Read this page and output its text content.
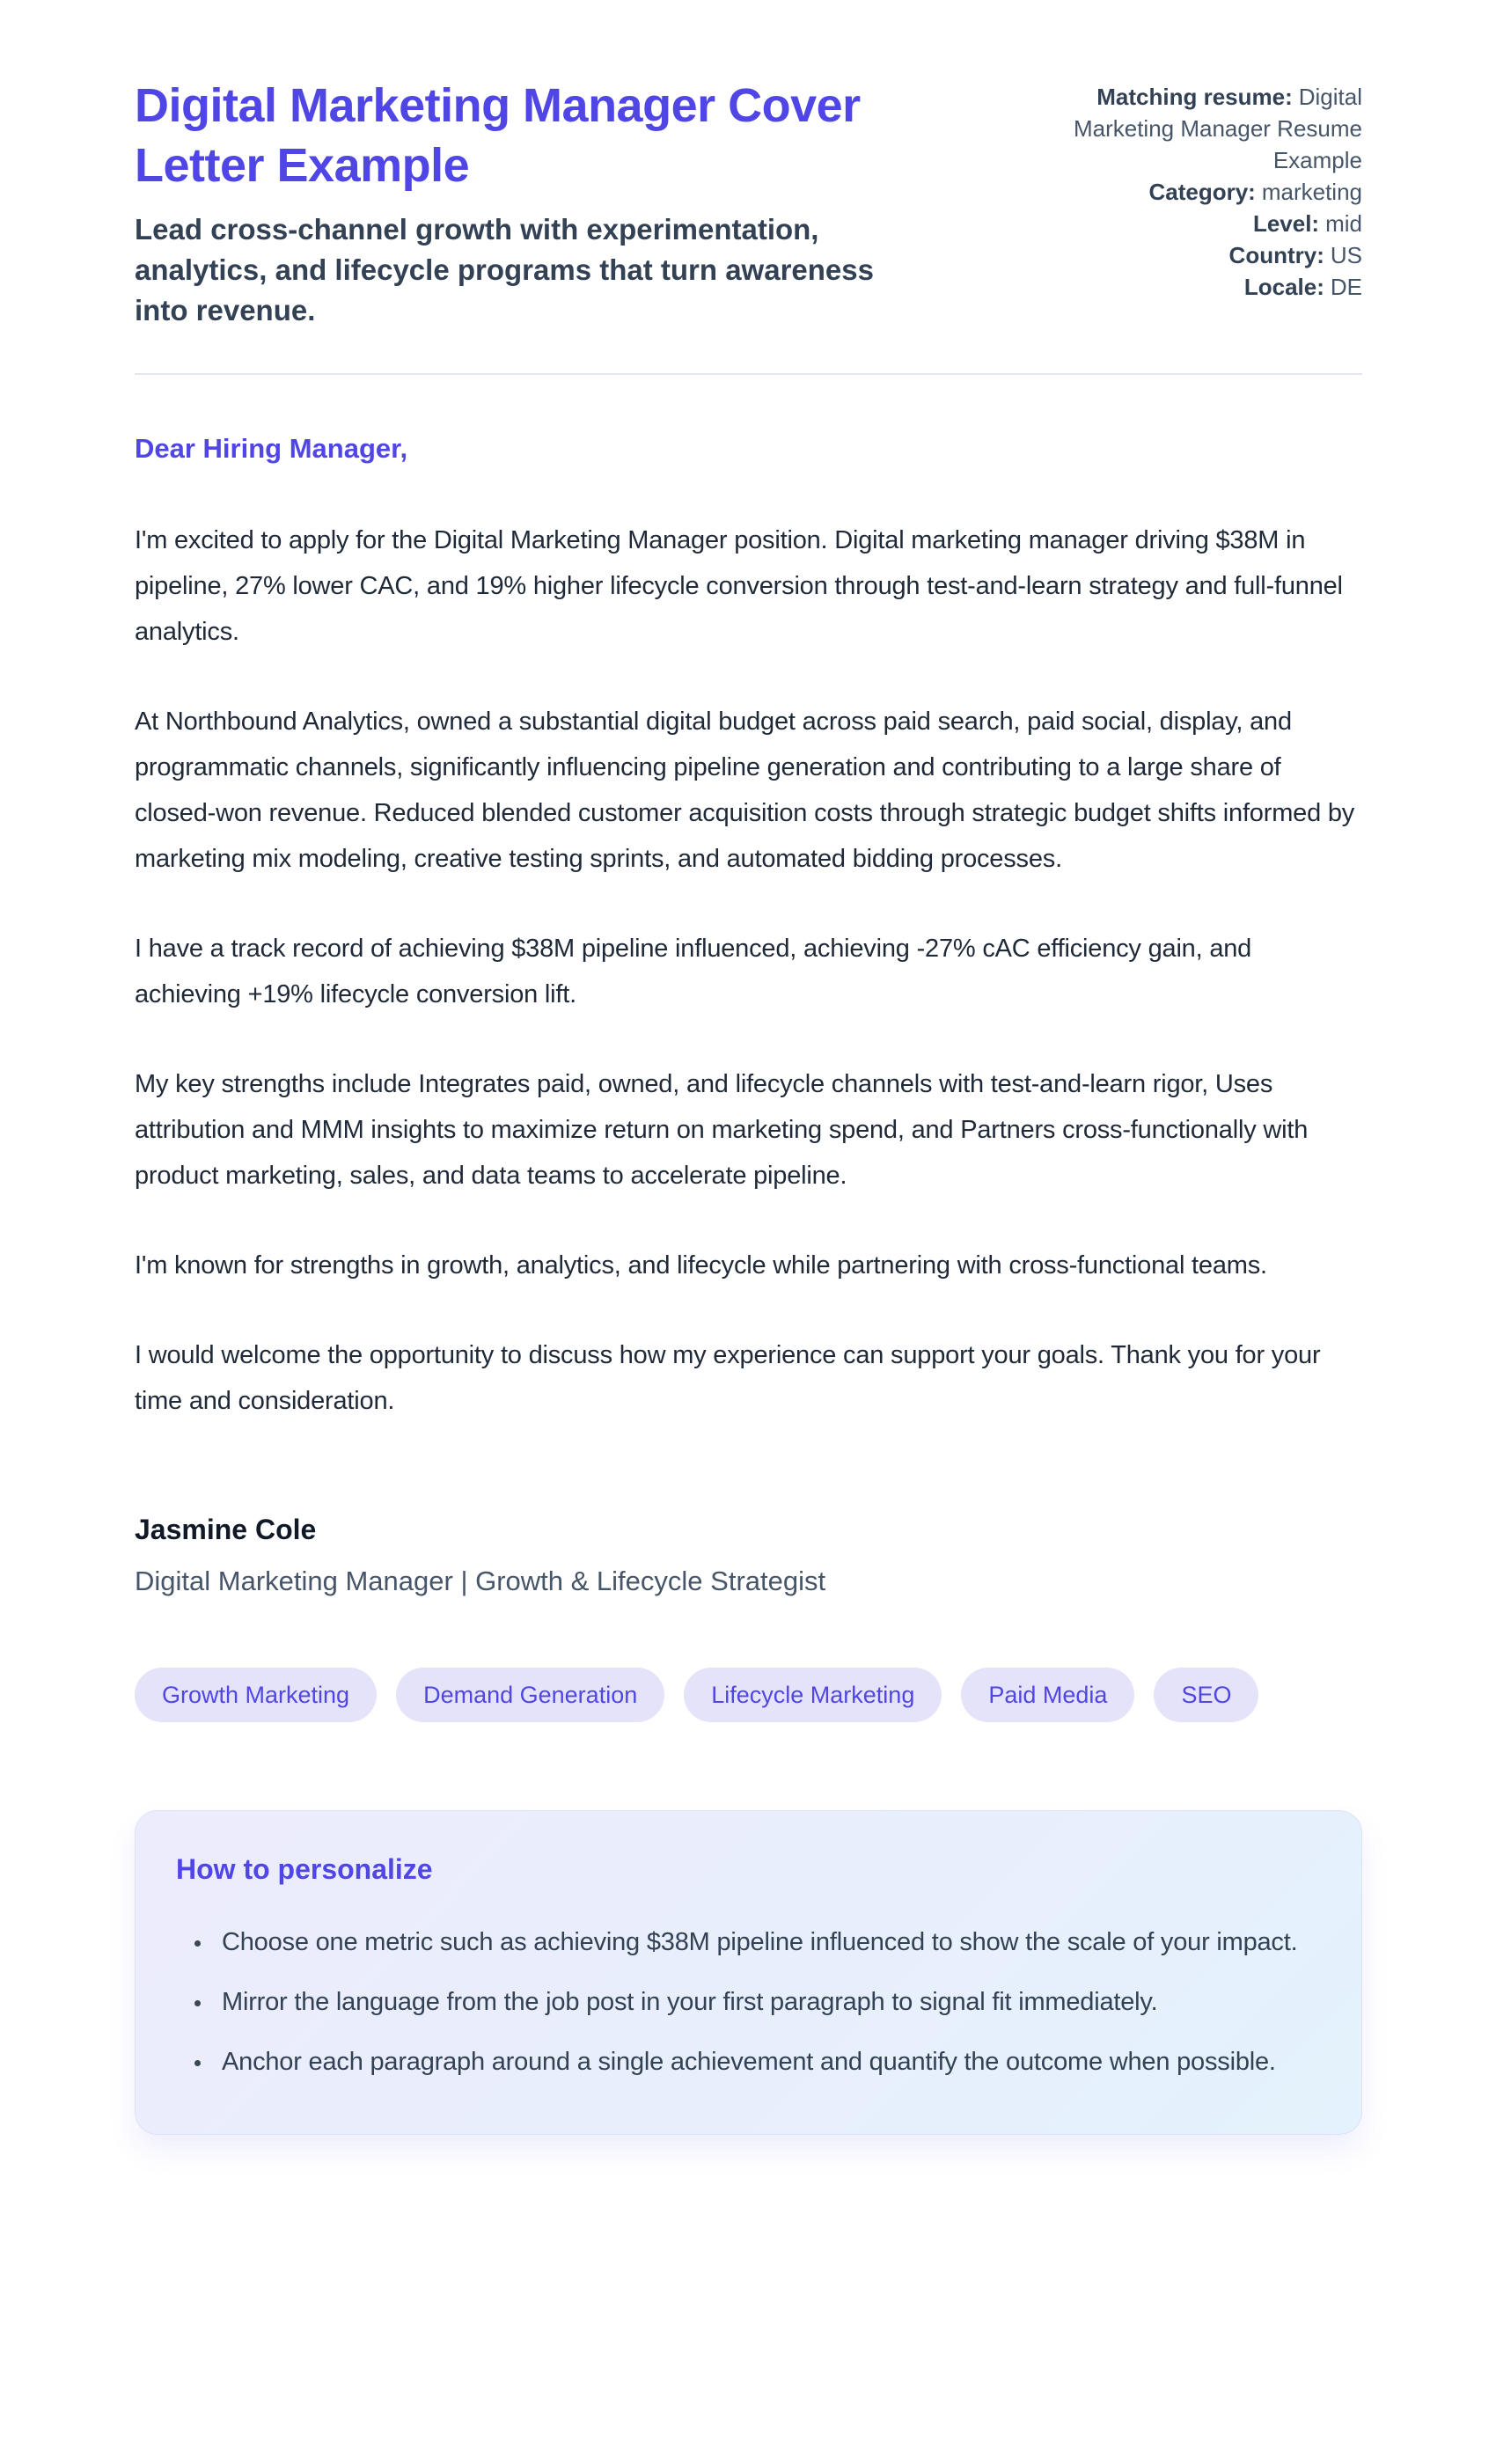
Digital Marketing Manager Cover Letter Example
Lead cross-channel growth with experimentation, analytics, and lifecycle programs that turn awareness into revenue.
Matching resume: Digital Marketing Manager Resume Example
Category: marketing
Level: mid
Country: US
Locale: DE
Dear Hiring Manager,

I'm excited to apply for the Digital Marketing Manager position. Digital marketing manager driving $38M in pipeline, 27% lower CAC, and 19% higher lifecycle conversion through test-and-learn strategy and full-funnel analytics.

At Northbound Analytics, owned a substantial digital budget across paid search, paid social, display, and programmatic channels, significantly influencing pipeline generation and contributing to a large share of closed-won revenue. Reduced blended customer acquisition costs through strategic budget shifts informed by marketing mix modeling, creative testing sprints, and automated bidding processes.

I have a track record of achieving $38M pipeline influenced, achieving -27% cAC efficiency gain, and achieving +19% lifecycle conversion lift.

My key strengths include Integrates paid, owned, and lifecycle channels with test-and-learn rigor, Uses attribution and MMM insights to maximize return on marketing spend, and Partners cross-functionally with product marketing, sales, and data teams to accelerate pipeline.

I'm known for strengths in growth, analytics, and lifecycle while partnering with cross-functional teams.

I would welcome the opportunity to discuss how my experience can support your goals. Thank you for your time and consideration.

Jasmine Cole
Digital Marketing Manager | Growth & Lifecycle Strategist
Growth Marketing	Demand Generation	Lifecycle Marketing	Paid Media	SEO
How to personalize
• Choose one metric such as achieving $38M pipeline influenced to show the scale of your impact.
• Mirror the language from the job post in your first paragraph to signal fit immediately.
• Anchor each paragraph around a single achievement and quantify the outcome when possible.
